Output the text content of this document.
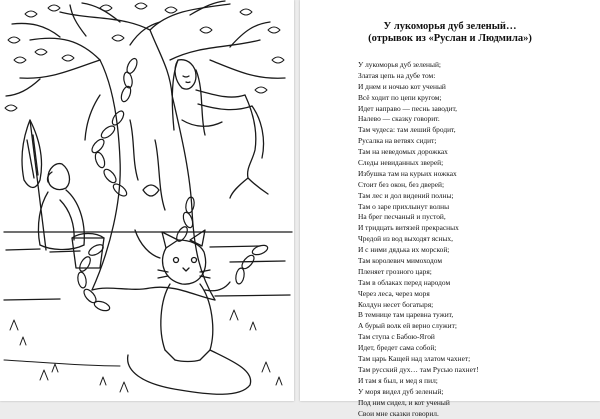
У лукоморья дуб зеленый…
(отрывок из «Руслан и Людмила»)
У лукоморья дуб зеленый;
Златая цепь на дубе том:
И днем и ночью кот ученый
Всё ходит по цепи кругом;
Идет направо — песнь заводит,
Налево — сказку говорит.
Там чудеса: там леший бродит,
Русалка на ветвях сидит;
Там на неведомых дорожках
Следы невиданных зверей;
Избушка там на курьих ножках
Стоит без окон, без дверей;
Там лес и дол видений полны;
Там о заре прихлынут волны
На брег песчаный и пустой,
И тридцать витязей прекрасных
Чредой из вод выходят ясных,
И с ними дядька их морской;
Там королевич мимоходом
Пленяет грозного царя;
Там в облаках перед народом
Через леса, через моря
Колдун несет богатыря;
В темнице там царевна тужит,
А бурый волк ей верно служит;
Там ступа с Бабою-Ягой
Идет, бредет сама собой;
Там царь Кащей над златом чахнет;
Там русский дух… там Русью пахнет!
И там я был, и мед я пил;
У моря видел дуб зеленый;
Под ним сидел, и кот ученый
Свои мне сказки говорил.
